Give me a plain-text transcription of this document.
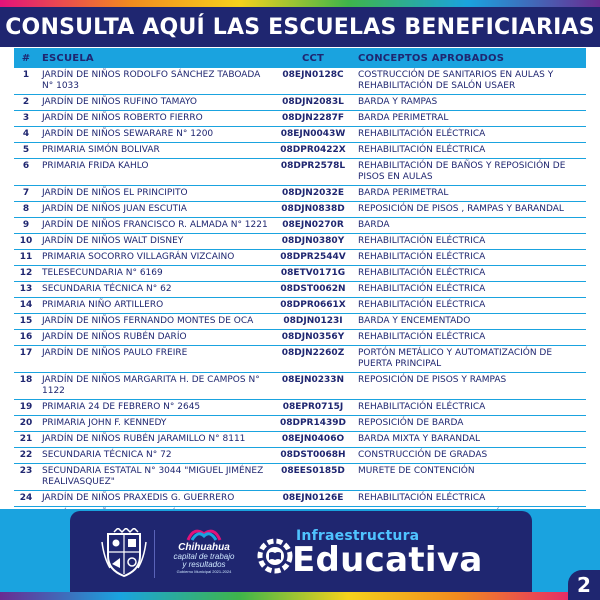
CONSULTA AQUÍ LAS ESCUELAS BENEFICIARIAS
#	ESCUELA	CCT	CONCEPTOS APROBADOS
1	JARDÍN DE NIÑOS RODOLFO SÁNCHEZ TABOADA N° 1033	08EJN0128C	COSTRUCCIÓN DE SANITARIOS EN AULAS Y REHABILITACIÓN DE SALÓN USAER
2	JARDÍN DE NIÑOS RUFINO TAMAYO	08DJN2083L	BARDA Y RAMPAS
3	JARDÍN DE NIÑOS ROBERTO FIERRO	08DJN2287F	BARDA PERIMETRAL
4	JARDÍN DE NIÑOS SEWARARE N° 1200	08EJN0043W	REHABILITACIÓN ELÉCTRICA
5	PRIMARIA SIMÓN BOLIVAR	08DPR0422X	REHABILITACIÓN ELÉCTRICA
6	PRIMARIA FRIDA KAHLO	08DPR2578L	REHABILITACIÓN DE BAÑOS Y REPOSICIÓN DE PISOS EN AULAS
7	JARDÍN DE NIÑOS EL PRINCIPITO	08DJN2032E	BARDA PERIMETRAL
8	JARDÍN DE NIÑOS JUAN ESCUTIA	08DJN0838D	REPOSICIÓN DE PISOS , RAMPAS Y BARANDAL
9	JARDÍN DE NIÑOS FRANCISCO R. ALMADA N° 1221	08EJN0270R	BARDA
10	JARDÍN DE NIÑOS WALT DISNEY	08DJN0380Y	REHABILITACIÓN ELÉCTRICA
11	PRIMARIA SOCORRO VILLAGRÁN VIZCAINO	08DPR2544V	REHABILITACIÓN ELÉCTRICA
12	TELESECUNDARIA N° 6169	08ETV0171G	REHABILITACIÓN ELÉCTRICA
13	SECUNDARIA TÉCNICA N° 62	08DST0062N	REHABILITACIÓN ELÉCTRICA
14	PRIMARIA NIÑO ARTILLERO	08DPR0661X	REHABILITACIÓN ELÉCTRICA
15	JARDÍN DE NIÑOS FERNANDO MONTES DE OCA	08DJN0123I	BARDA Y ENCEMENTADO
16	JARDÍN DE NIÑOS RUBÉN DARÍO	08DJN0356Y	REHABILITACIÓN ELÉCTRICA
17	JARDÍN DE NIÑOS PAULO FREIRE	08DJN2260Z	PORTÓN METÁLICO Y AUTOMATIZACIÓN DE PUERTA PRINCIPAL
18	JARDÍN DE NIÑOS MARGARITA H. DE CAMPOS N° 1122	08EJN0233N	REPOSICIÓN DE PISOS Y RAMPAS
19	PRIMARIA 24 DE FEBRERO N° 2645	08EPR0715J	REHABILITACIÓN ELÉCTRICA
20	PRIMARIA JOHN F. KENNEDY	08DPR1439D	REPOSICIÓN DE BARDA
21	JARDÍN DE NIÑOS RUBÉN JARAMILLO N° 8111	08EJN0406O	BARDA MIXTA Y BARANDAL
22	SECUNDARIA TÉCNICA N° 72	08DST0068H	CONSTRUCCIÓN DE GRADAS
23	SECUNDARIA ESTATAL N° 3044 "MIGUEL JIMÉNEZ REALIVASQUEZ"	08EES0185D	MURETE DE CONTENCIÓN
24	JARDÍN DE NIÑOS PRAXEDIS G. GUERRERO	08EJN0126E	REHABILITACIÓN ELÉCTRICA

Chihuahua
capital de trabajo
y resultados
Gobierno Municipal 2021-2024
Infraestructura
Educativa
2
